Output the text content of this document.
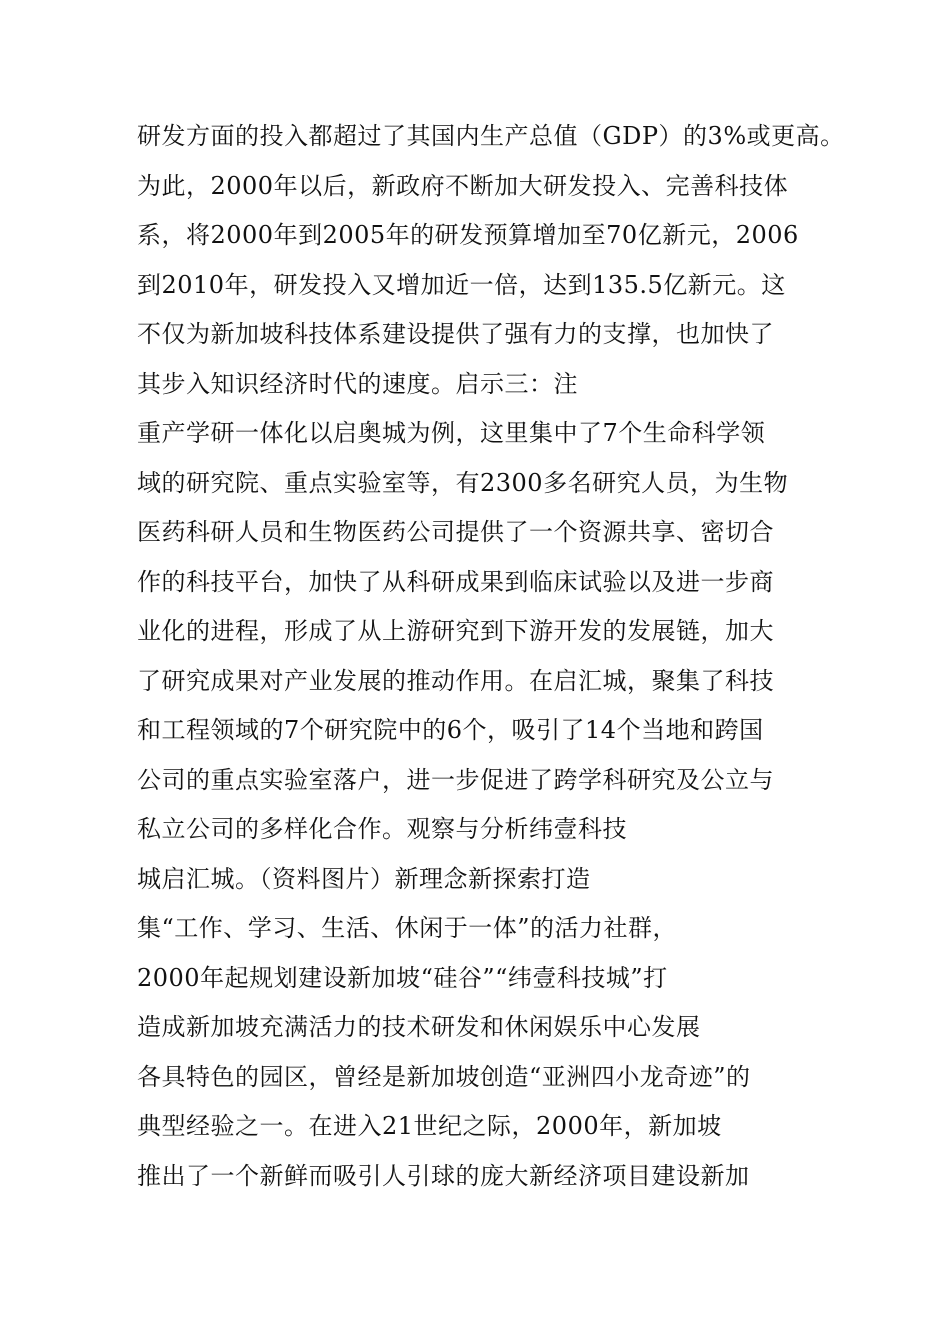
研发方面的投入都超过了其国内生产总值（GDP）的3%或更高。
为此，2000年以后，新政府不断加大研发投入、完善科技体
系，将2000年到2005年的研发预算增加至70亿新元，2006
到2010年，研发投入又增加近一倍，达到135.5亿新元。这
不仅为新加坡科技体系建设提供了强有力的支撑，也加快了
其步入知识经济时代的速度。启示三：注
重产学研一体化以启奥城为例，这里集中了7个生命科学领
域的研究院、重点实验室等，有2300多名研究人员，为生物
医药科研人员和生物医药公司提供了一个资源共享、密切合
作的科技平台，加快了从科研成果到临床试验以及进一步商
业化的进程，形成了从上游研究到下游开发的发展链，加大
了研究成果对产业发展的推动作用。在启汇城，聚集了科技
和工程领域的7个研究院中的6个，吸引了14个当地和跨国
公司的重点实验室落户，进一步促进了跨学科研究及公立与
私立公司的多样化合作。观察与分析纬壹科技
城启汇城。（资料图片）新理念新探索打造
集“工作、学习、生活、休闲于一体”的活力社群，
2000年起规划建设新加坡“硅谷”“纬壹科技城”打
造成新加坡充满活力的技术研发和休闲娱乐中心发展
各具特色的园区，曾经是新加坡创造“亚洲四小龙奇迹”的
典型经验之一。在进入21世纪之际，2000年，新加坡
推出了一个新鲜而吸引人引球的庞大新经济项目建设新加
